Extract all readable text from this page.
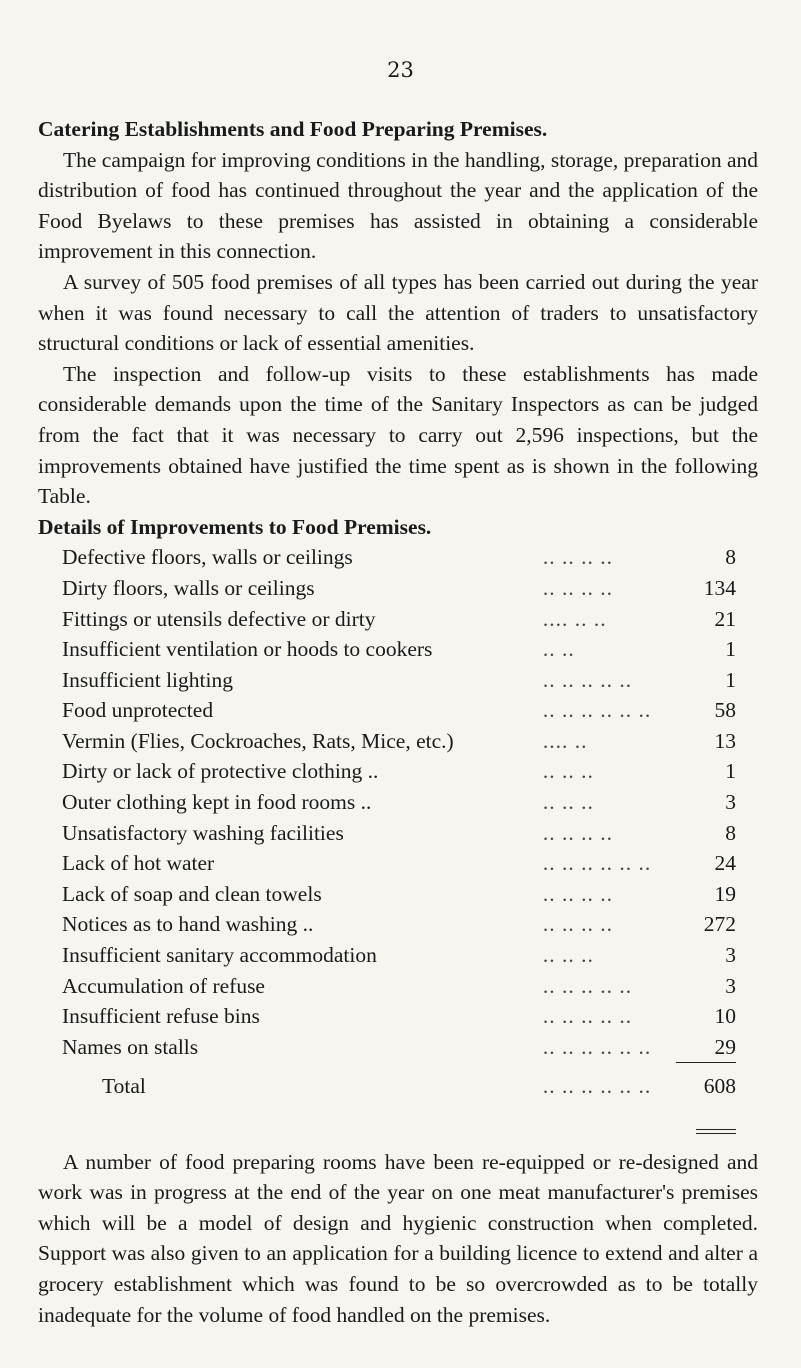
23
Catering Establishments and Food Preparing Premises.

The campaign for improving conditions in the handling, storage, preparation and distribution of food has continued throughout the year and the application of the Food Byelaws to these premises has assisted in obtaining a considerable improvement in this connection.

A survey of 505 food premises of all types has been carried out during the year when it was found necessary to call the attention of traders to unsatisfactory structural conditions or lack of essential amenities.

The inspection and follow-up visits to these establishments has made considerable demands upon the time of the Sanitary Inspectors as can be judged from the fact that it was necessary to carry out 2,596 inspections, but the improvements obtained have justified the time spent as is shown in the following Table.

Details of Improvements to Food Premises.
Defective floors, walls or ceilings	.. .. .. ..	8
Dirty floors, walls or ceilings	.. .. .. ..	134
Fittings or utensils defective or dirty	.... .. ..	21
Insufficient ventilation or hoods to cookers	.. ..	1
Insufficient lighting	.. .. .. .. ..	1
Food unprotected	.. .. .. .. .. ..	58
Vermin (Flies, Cockroaches, Rats, Mice, etc.)	.... ..	13
Dirty or lack of protective clothing ..	.. .. ..	1
Outer clothing kept in food rooms ..	.. .. ..	3
Unsatisfactory washing facilities	.. .. .. ..	8
Lack of hot water	.. .. .. .. .. ..	24
Lack of soap and clean towels	.. .. .. ..	19
Notices as to hand washing ..	.. .. .. ..	272
Insufficient sanitary accommodation	.. .. ..	3
Accumulation of refuse	.. .. .. .. ..	3
Insufficient refuse bins	.. .. .. .. ..	10
Names on stalls	.. .. .. .. .. ..	29
Total	.. .. .. .. .. ..	608

A number of food preparing rooms have been re-equipped or re-designed and work was in progress at the end of the year on one meat manufacturer's premises which will be a model of design and hygienic construction when completed. Support was also given to an application for a building licence to extend and alter a grocery establishment which was found to be so overcrowded as to be totally inadequate for the volume of food handled on the premises.
